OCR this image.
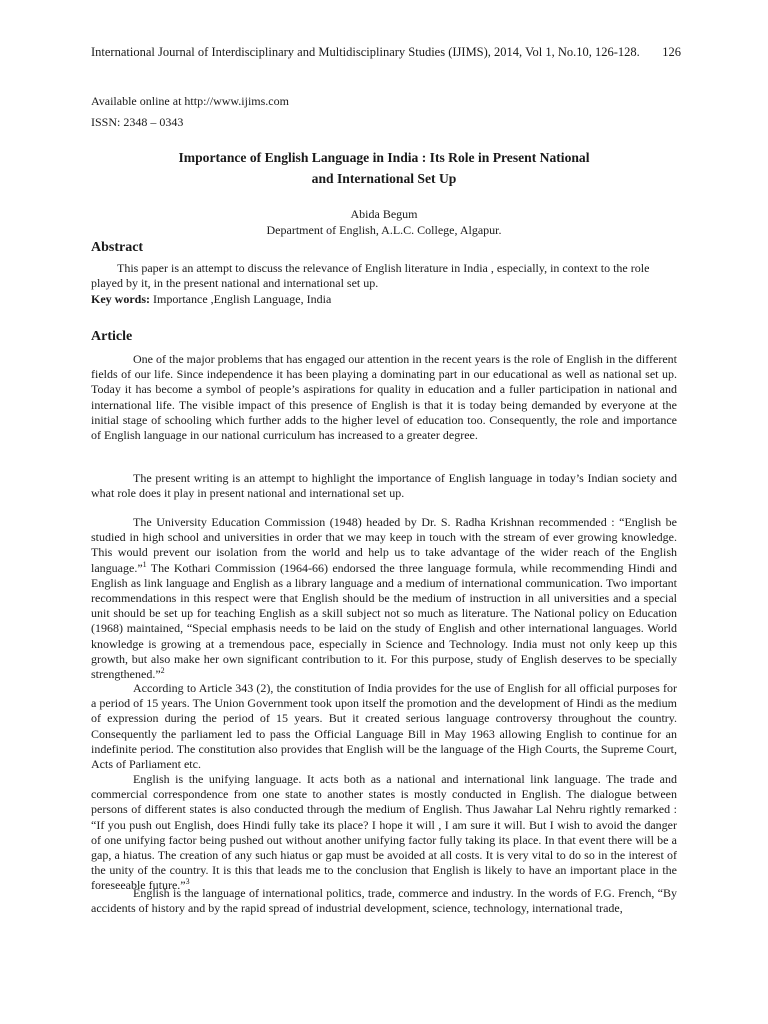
International Journal of Interdisciplinary and Multidisciplinary Studies (IJIMS), 2014, Vol 1, No.10, 126-128. 126
Available online at http://www.ijims.com
ISSN: 2348 – 0343
Importance of English Language in India : Its Role in Present National
and International Set Up
Abida Begum
Department of English, A.L.C. College, Algapur.
Abstract

This paper is an attempt to discuss the relevance of English literature in India , especially, in context to the role played by it, in the present national and international set up.

Key words: Importance ,English Language, India
Article

One of the major problems that has engaged our attention in the recent years is the role of English in the different fields of our life. Since independence it has been playing a dominating part in our educational as well as national set up. Today it has become a symbol of people’s aspirations for quality in education and a fuller participation in national and international life. The visible impact of this presence of English is that it is today being demanded by everyone at the initial stage of schooling which further adds to the higher level of education too. Consequently, the role and importance of English language in our national curriculum has increased to a greater degree.

The present writing is an attempt to highlight the importance of English language in today’s Indian society and what role does it play in present national and international set up.

The University Education Commission (1948) headed by Dr. S. Radha Krishnan recommended : “English be studied in high school and universities in order that we may keep in touch with the stream of ever growing knowledge. This would prevent our isolation from the world and help us to take advantage of the wider reach of the English language.”$^1$ The Kothari Commission (1964-66) endorsed the three language formula, while recommending Hindi and English as link language and English as a library language and a medium of international communication. Two important recommendations in this respect were that English should be the medium of instruction in all universities and a special unit should be set up for teaching English as a skill subject not so much as literature. The National policy on Education (1968) maintained, “Special emphasis needs to be laid on the study of English and other international languages. World knowledge is growing at a tremendous pace, especially in Science and Technology. India must not only keep up this growth, but also make her own significant contribution to it. For this purpose, study of English deserves to be specially strengthened.”$^2$

According to Article 343 (2), the constitution of India provides for the use of English for all official purposes for a period of 15 years. The Union Government took upon itself the promotion and the development of Hindi as the medium of expression during the period of 15 years. But it created serious language controversy throughout the country. Consequently the parliament led to pass the Official Language Bill in May 1963 allowing English to continue for an indefinite period. The constitution also provides that English will be the language of the High Courts, the Supreme Court, Acts of Parliament etc.

English is the unifying language. It acts both as a national and international link language. The trade and commercial correspondence from one state to another states is mostly conducted in English. The dialogue between persons of different states is also conducted through the medium of English. Thus Jawahar Lal Nehru rightly remarked : “If you push out English, does Hindi fully take its place? I hope it will , I am sure it will. But I wish to avoid the danger of one unifying factor being pushed out without another unifying factor fully taking its place. In that event there will be a gap, a hiatus. The creation of any such hiatus or gap must be avoided at all costs. It is very vital to do so in the interest of the unity of the country. It is this that leads me to the conclusion that English is likely to have an important place in the foreseeable future.”$^3$

English is the language of international politics, trade, commerce and industry. In the words of F.G. French, “By accidents of history and by the rapid spread of industrial development, science, technology, international trade,
